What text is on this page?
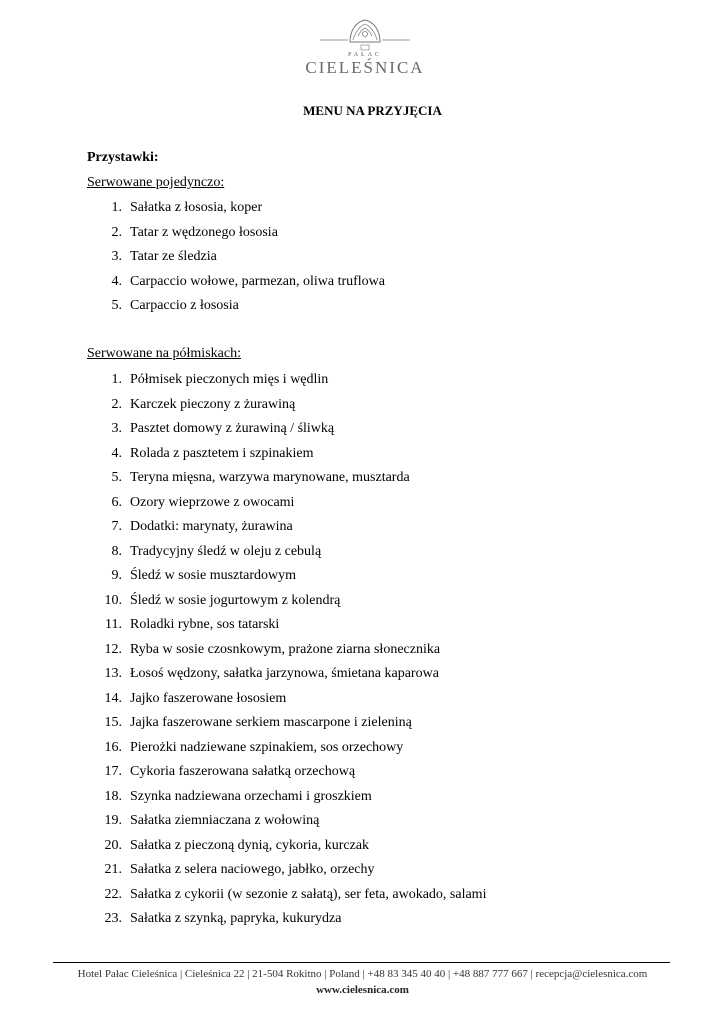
PAŁAC
CIELEŚNICA
MENU NA PRZYJĘCIA
Przystawki:
Serwowane pojedynczo:
1. Sałatka z łososia, koper
2. Tatar z wędzonego łososia
3. Tatar ze śledzia
4. Carpaccio wołowe, parmezan, oliwa truflowa
5. Carpaccio z łososia
Serwowane na półmiskach:
1. Półmisek pieczonych mięs i wędlin
2. Karczek pieczony z żurawiną
3. Pasztet domowy z żurawiną / śliwką
4. Rolada z pasztetem i szpinakiem
5. Teryna mięsna, warzywa marynowane, musztarda
6. Ozory wieprzowe z owocami
7. Dodatki: marynaty, żurawina
8. Tradycyjny śledź w oleju z cebulą
9. Śledź w sosie musztardowym
10. Śledź w sosie jogurtowym z kolendrą
11. Roladki rybne, sos tatarski
12. Ryba w sosie czosnkowym, prażone ziarna słonecznika
13. Łosoś wędzony, sałatka jarzynowa, śmietana kaparowa
14. Jajko faszerowane łososiem
15. Jajka faszerowane serkiem mascarpone i zieleniną
16. Pierożki nadziewane szpinakiem, sos orzechowy
17. Cykoria faszerowana sałatką orzechową
18. Szynka nadziewana orzechami i groszkiem
19. Sałatka ziemniaczana z wołowiną
20. Sałatka z pieczoną dynią, cykoria, kurczak
21. Sałatka z selera naciowego, jabłko, orzechy
22. Sałatka z cykorii (w sezonie z sałatą), ser feta, awokado, salami
23. Sałatka z szynką, papryka, kukurydza
Hotel Pałac Cieleśnica | Cieleśnica 22 | 21-504 Rokitno | Poland | +48 83 345 40 40 | +48 887 777 667 | recepcja@cielesnica.com
www.cielesnica.com
